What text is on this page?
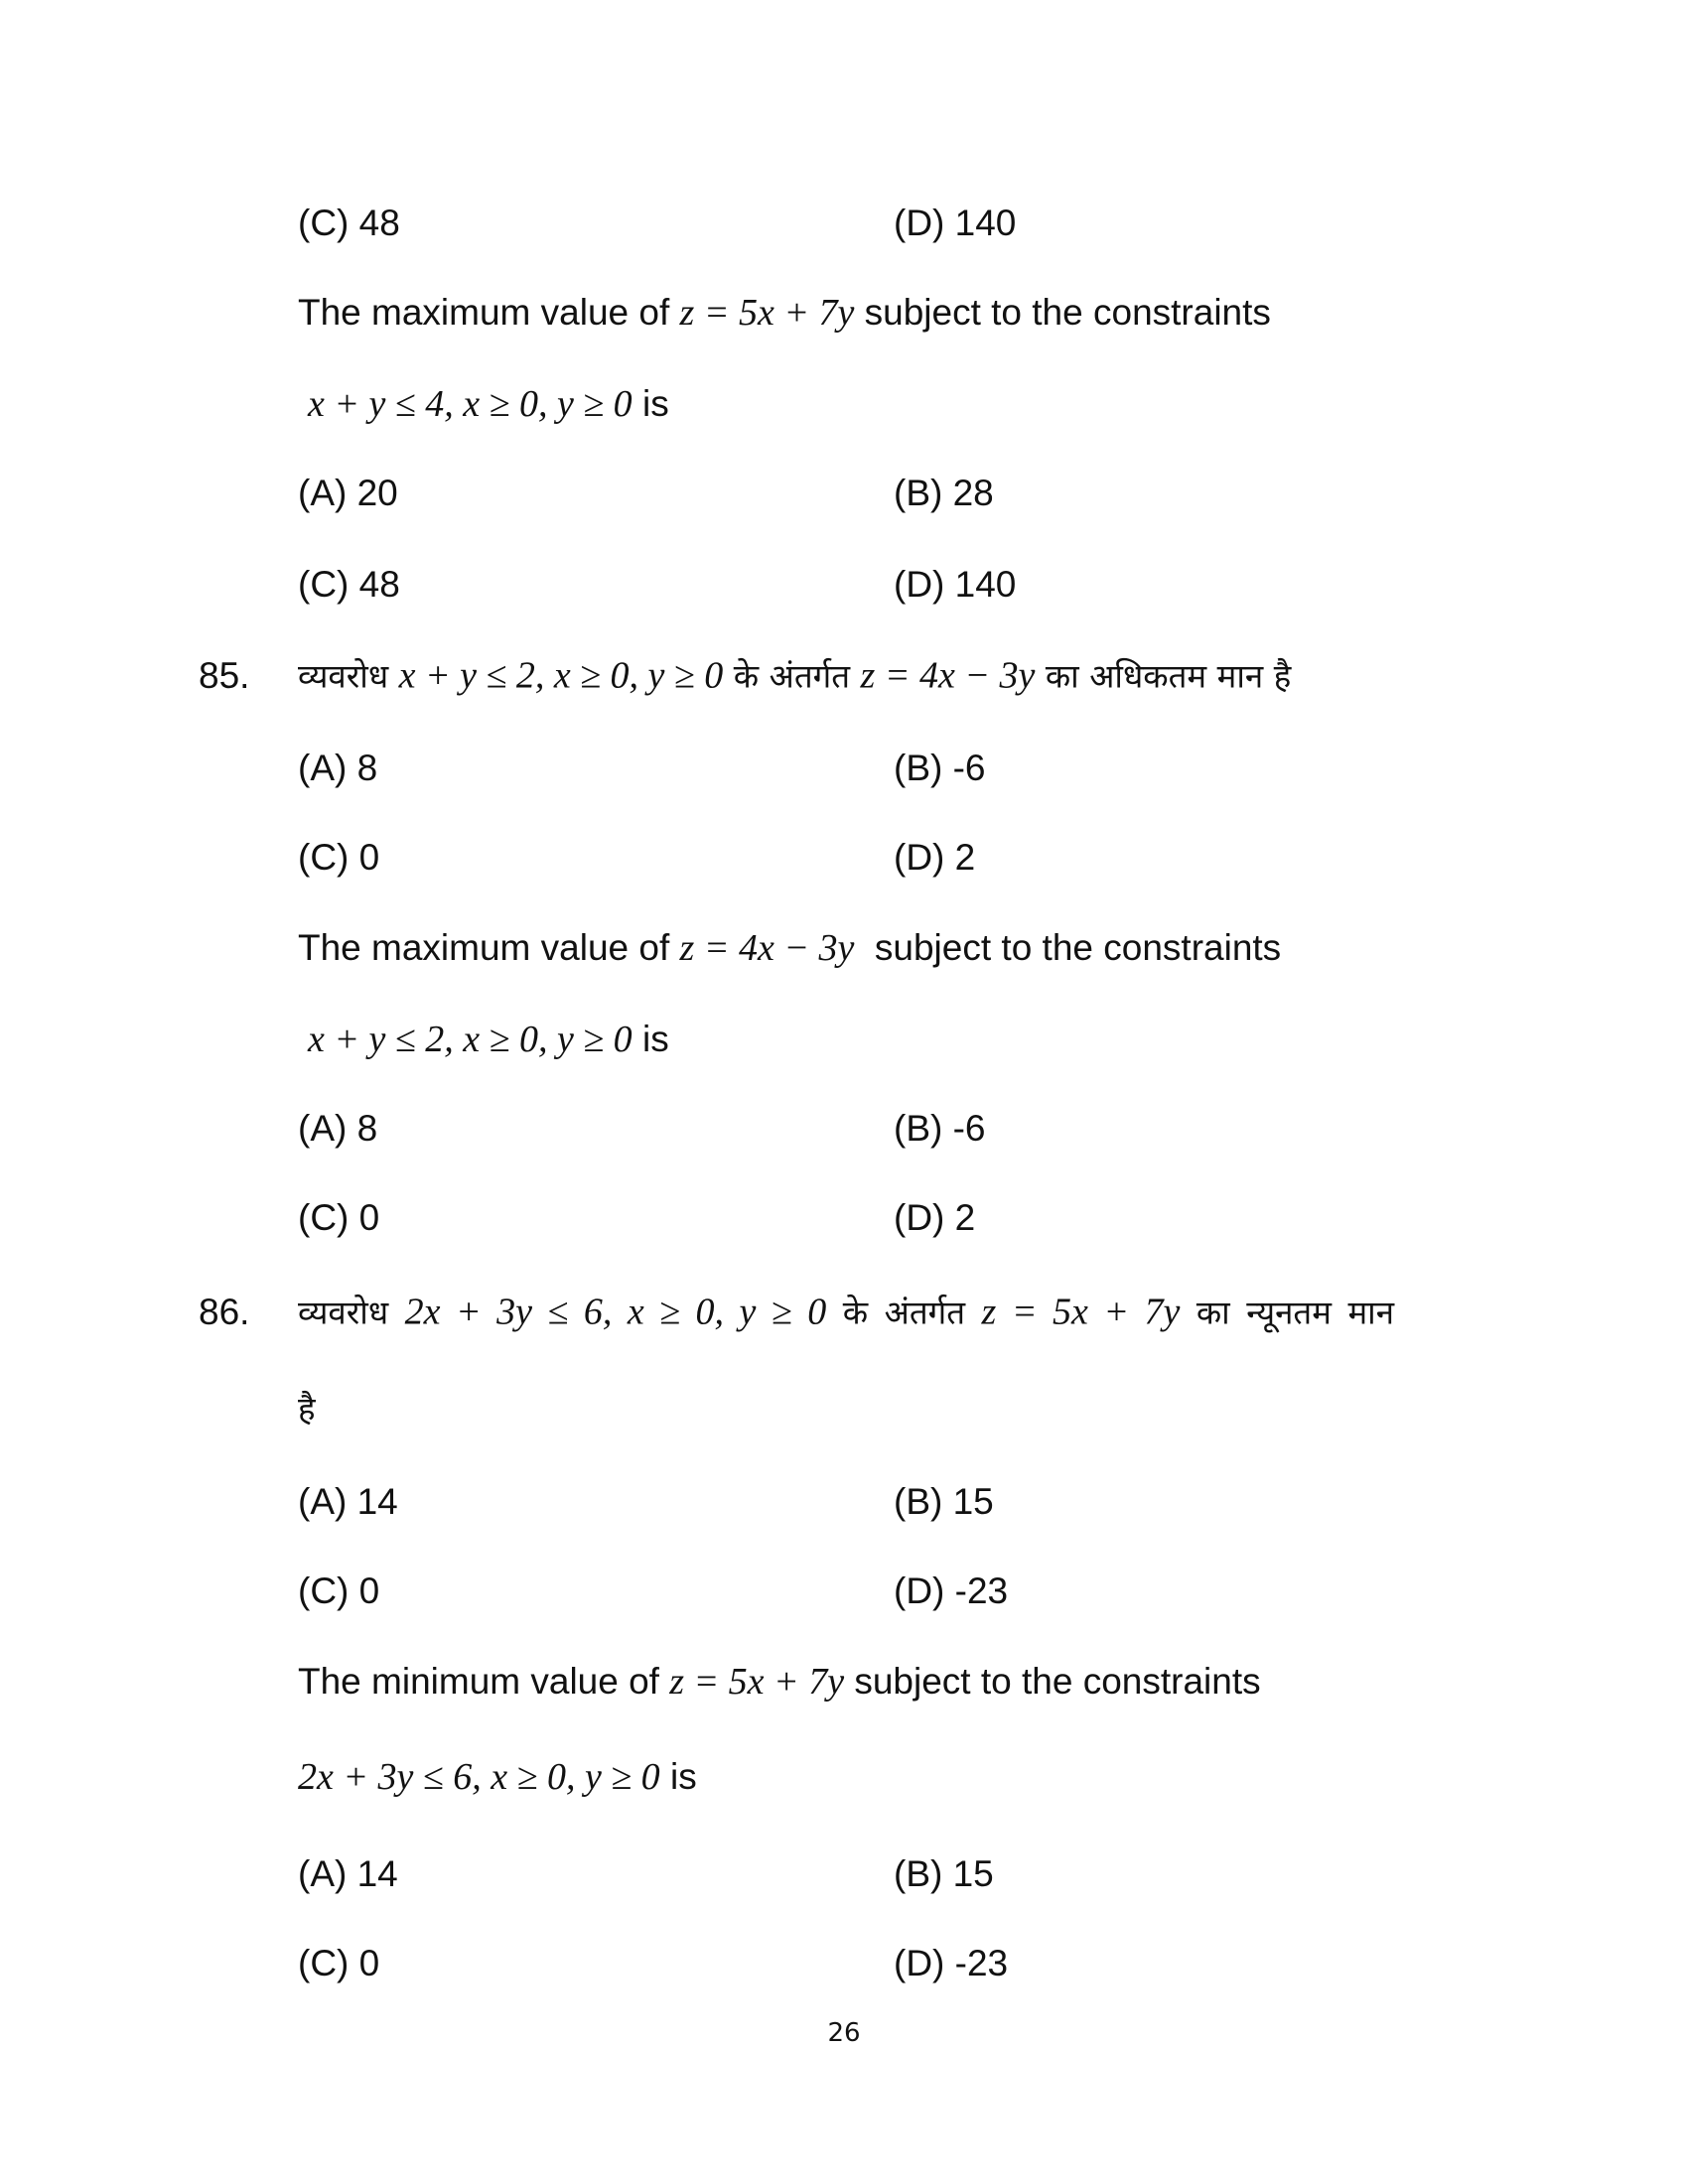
(C) 48	(D) 140
The maximum value of z = 5x + 7y subject to the constraints
x + y ≤ 4, x ≥ 0, y ≥ 0 is
(A) 20	(B) 28
(C) 48	(D) 140
85. व्यवरोध x + y ≤ 2, x ≥ 0, y ≥ 0 के अंतर्गत z = 4x − 3y का अधिकतम मान है
(A) 8	(B) -6
(C) 0	(D) 2
The maximum value of z = 4x − 3y  subject to the constraints
x + y ≤ 2, x ≥ 0, y ≥ 0 is
(A) 8	(B) -6
(C) 0	(D) 2
86. व्यवरोध 2x + 3y ≤ 6, x ≥ 0, y ≥ 0 के अंतर्गत z = 5x + 7y का न्यूनतम मान
है
(A) 14	(B) 15
(C) 0	(D) -23
The minimum value of z = 5x + 7y subject to the constraints
2x + 3y ≤ 6, x ≥ 0, y ≥ 0 is
(A) 14	(B) 15
(C) 0	(D) -23
26
